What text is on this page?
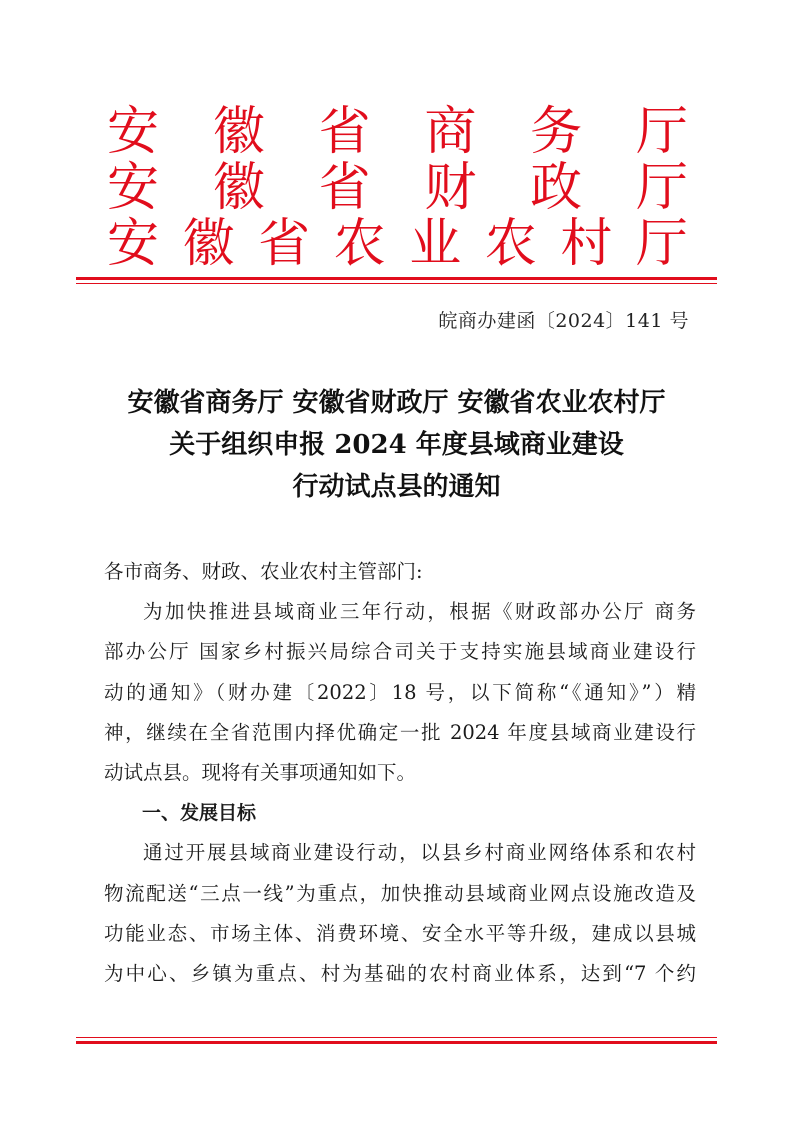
安 徽 省 商 务 厅
安 徽 省 财 政 厅
安 徽 省 农 业 农 村 厅
皖商办建函〔2024〕141 号
安徽省商务厅 安徽省财政厅 安徽省农业农村厅
关于组织申报 2024 年度县域商业建设
行动试点县的通知

各市商务、财政、农业农村主管部门:

为加快推进县域商业三年行动，根据《财政部办公厅 商务
部办公厅 国家乡村振兴局综合司关于支持实施县域商业建设行
动的通知》（财办建〔2022〕18 号，以下简称“《通知》”）精
神，继续在全省范围内择优确定一批 2024 年度县域商业建设行
动试点县。现将有关事项通知如下。

一、发展目标

通过开展县域商业建设行动，以县乡村商业网络体系和农村
物流配送“三点一线”为重点，加快推动县域商业网点设施改造及
功能业态、市场主体、消费环境、安全水平等升级，建成以县城
为中心、乡镇为重点、村为基础的农村商业体系，达到“7 个约
